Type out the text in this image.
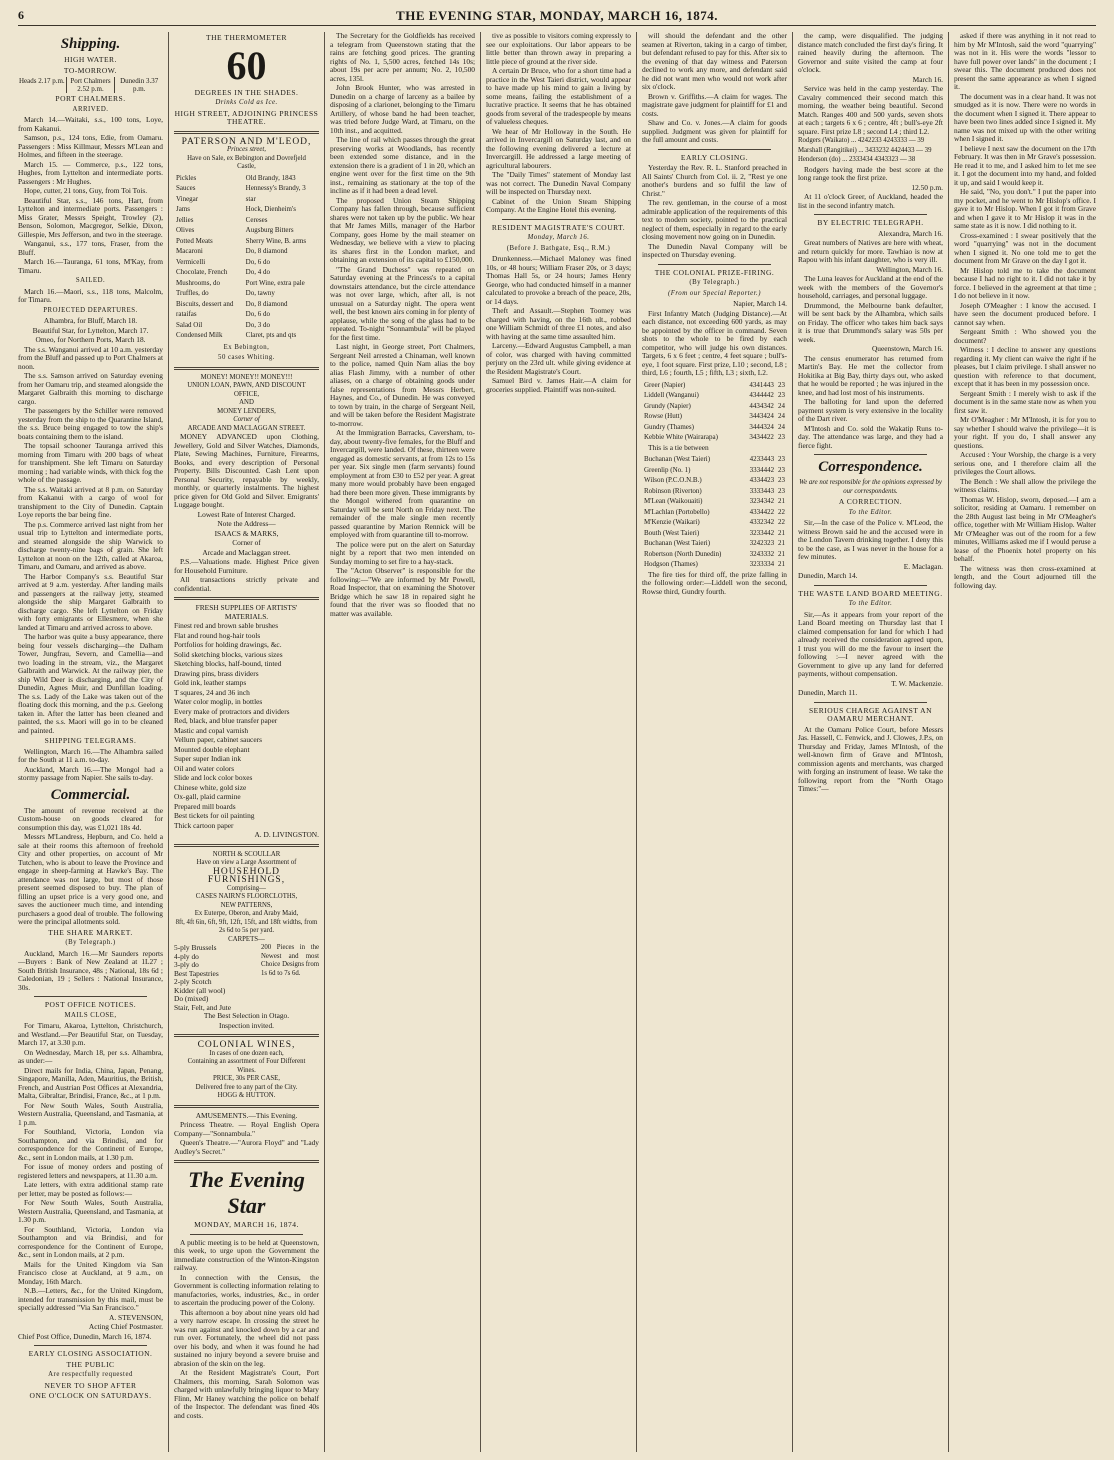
6	THE EVENING STAR, MONDAY, MARCH 16, 1874.
Shipping.
HIGH WATER.
TO-MORROW.
Heads 2.17 p.m. Port Chalmers 2.52 p.m.
Dunedin 3.37 p.m.
PORT CHALMERS.
ARRIVED.

March 14.—Waitaki, s.s., 100 tons, Loye, from Kakanui.

Samson, p.s., 124 tons, Edie, from Oamaru. Passengers : Miss Killmaur, Messrs M'Lean and Holmes, and fifteen in the steerage.

March 15. — Commerce, p.s., 122 tons, Hughes, from Lyttelton and intermediate ports. Passengers : Mr Hughes.

Hope, cutter, 21 tons, Guy, from Toi Tois.

Beautiful Star, s.s., 146 tons, Hart, from Lyttelton and intermediate ports. Passengers : Miss Grater, Messrs Speight, Trowley (2), Benson, Solomon, Macgregor, Selkie, Dixon, Gillespie, Mrs Jefferson, and two in the steerage.

Wanganui, s.s., 177 tons, Fraser, from the Bluff.

March 16.—Tauranga, 61 tons, M'Kay, from Timaru.

SAILED.

March 16.—Maori, s.s., 118 tons, Malcolm, for Timaru.

PROJECTED DEPARTURES.

Alhambra, for Bluff, March 18.

Beautiful Star, for Lyttelton, March 17.

Omeo, for Northern Ports, March 18.

The s.s. Wanganui arrived at 10 a.m. yesterday from the Bluff and passed up to Port Chalmers at noon.

The s.s. Samson arrived on Saturday evening from her Oamaru trip, and steamed alongside the Margaret Galbraith this morning to discharge cargo.

The passengers by the Schiller were removed yesterday from the ship to the Quarantine Island, the s.s. Bruce being engaged to tow the ship's boats containing them to the island.

The topsail schooner Tauranga arrived this morning from Timaru with 200 bags of wheat for transhipment. She left Timaru on Saturday morning ; had variable winds, with thick fog the whole of the passage.

The s.s. Waitaki arrived at 8 p.m. on Saturday from Kakanui with a cargo of wool for transhipment to the City of Dunedin. Captain Loye reports the bar being fine.

The p.s. Commerce arrived last night from her usual trip to Lyttelton and intermediate ports, and steamed alongside the ship Warwick to discharge twenty-nine bags of grain. She left Lyttelton at noon on the 12th, called at Akaroa, Timaru, and Oamaru, and arrived as above.

The Harbor Company's s.s. Beautiful Star arrived at 9 a.m. yesterday. After landing mails and passengers at the railway jetty, steamed alongside the ship Margaret Galbraith to discharge cargo. She left Lyttelton on Friday with forty emigrants or Ellesmere, when she landed at Timaru and arrived across to above.

The harbor was quite a busy appearance, there being four vessels discharging—the Dalham Tower, Jungfrau, Severn, and Camellia—and two loading in the stream, viz., the Margaret Galbraith and Warwick. At the railway pier, the ship Wild Deer is discharging, and the City of Dunedin, Agnes Muir, and Dunfillan loading. The s.s. Lady of the Lake was taken out of the floating dock this morning, and the p.s. Geelong taken in. After the latter has been cleaned and painted, the s.s. Maori will go in to be cleaned and painted.

SHIPPING TELEGRAMS.

Wellington, March 16.—The Alhambra sailed for the South at 11 a.m. to-day.

Auckland, March 16.—The Mongol had a stormy passage from Napier. She sails to-day.

Commercial.

The amount of revenue received at the Custom-house on goods cleared for consumption this day, was £1,021 18s 4d.

Messrs M'Landress, Hepburn, and Co. held a sale at their rooms this afternoon of freehold City and other properties, on account of Mr Tutchen, who is about to leave the Province and engage in sheep-farming at Hawke's Bay. The attendance was not large, but most of those present seemed disposed to buy. The plan of filling an upset price is a very good one, and saves the auctioneer much time, and intending purchasers a good deal of trouble. The following were the principal allotments sold.

THE SHARE MARKET.
(By Telegraph.)

Auckland, March 16.—Mr Saunders reports —Buyers : Bank of New Zealand at 1L27 ; South British Insurance, 48s ; National, 18s 6d ; Caledonian, 19 ; Sellers : National Insurance, 30s.

POST OFFICE NOTICES.
MAILS CLOSE,

For Timaru, Akaroa, Lyttelton, Christchurch, and Westland.—Per Beautiful Star, on Tuesday, March 17, at 3.30 p.m.

On Wednesday, March 18, per s.s. Alhambra, as under:—

Direct mails for India, China, Japan, Penang, Singapore, Manilla, Aden, Mauritius, the British, French, and Austrian Post Offices at Alexandria, Malta, Gibraltar, Brindisi, France, &c., at 1 p.m.

For New South Wales, South Australia, Western Australia, Queensland, and Tasmania, at 1 p.m.

For Southland, Victoria, London via Southampton, and via Brindisi, and for correspondence for the Continent of Europe, &c., sent in London mails, at 1.30 p.m.

For issue of money orders and posting of registered letters and newspapers, at 11.30 a.m.

Late letters, with extra additional stamp rate per letter, may be posted as follows:—

For New South Wales, South Australia, Western Australia, Queensland, and Tasmania, at 1.30 p.m.

For Southland, Victoria, London via Southampton and via Brindisi, and for correspondence for the Continent of Europe, &c., sent in London mails, at 2 p.m.

Mails for the United Kingdom via San Francisco close at Auckland, at 9 a.m., on Monday, 16th March.

N.B.—Letters, &c., for the United Kingdom, intended for transmission by this mail, must be specially addressed "Via San Francisco."

A. STEVENSON,

Acting Chief Postmaster.

Chief Post Office, Dunedin, March 16, 1874.

EARLY CLOSING ASSOCIATION.
THE PUBLIC
Are respectfully requested
NEVER TO SHOP AFTER
ONE O'CLOCK ON SATURDAYS.
THE THERMOMETER
60
DEGREES IN THE SHADES.
Drinks Cold as Ice.
HIGH STREET, ADJOINING PRINCESS THEATRE.
PATERSON AND M'LEOD,
Princes street,
Have on Sale, ex Bebington and Dovrefjeld
Castle,
Pickles	Old Brandy, 1843
Sauces	Hennessy's Brandy, 3
Vinegar	star
Jams	Hock, Dienheim's
Jellies	Cereses
Olives	Augsburg Bitters
Potted Meats	Sherry Wine, B. arms
Macaroni	Do, 8 diamond
Vermicelli	Do, 6 do
Chocolate, French	Do, 4 do
Mushrooms, do	Port Wine, extra pale
Truffles, do	Do, tawny
Biscuits, dessert and	Do, 8 diamond
rataifas	Do, 6 do
Salad Oil	Do, 3 do
Condensed Milk	Claret, pts and qts
Ex Bebington,
50 cases Whiting.
MONEY! MONEY!! MONEY!!!
UNION LOAN, PAWN, AND DISCOUNT OFFICE,
AND
MONEY LENDERS,
Corner of
ARCADE AND MACLAGGAN STREET.

MONEY ADVANCED upon Clothing, Jewellery, Gold and Silver Watches, Diamonds, Plate, Sewing Machines, Furniture, Firearms, Books, and every description of Personal Property. Bills Discounted. Cash Lent upon Personal Security, repayable by weekly, monthly, or quarterly instalments. The highest price given for Old Gold and Silver. Emigrants' Luggage bought.

Lowest Rate of Interest Charged.

Note the Address—

ISAACS & MARKS,

Corner of

Arcade and Maclaggan street.

P.S.—Valuations made. Highest Price given for Household Furniture.

All transactions strictly private and confidential.

FRESH SUPPLIES OF ARTISTS' MATERIALS.

Finest red and brown sable brushes

Flat and round hog-hair tools

Portfolios for holding drawings, &c.

Solid sketching blocks, various sizes

Sketching blocks, half-bound, tinted

Drawing pins, brass dividers

Gold ink, leather stamps

T squares, 24 and 36 inch

Water color moglip, in bottles

Every make of protractors and dividers

Red, black, and blue transfer paper

Mastic and copal varnish

Vellum paper, cabinet saucers

Mounted double elephant

Super super Indian ink

Oil and water colors

Slide and lock color boxes

Chinese white, gold size

Ox-gall, plaid carmine

Prepared mill boards

Best tickets for oil painting

Thick cartoon paper

A. D. LIVINGSTON.

NORTH & SCOULLAR
Have on view a Large Assortment of
HOUSEHOLD FURNISHINGS,
Comprising—
CASES NAIRN'S FLOORCLOTHS,
NEW PATTERNS,
Ex Euterpe, Oberon, and Araby Maid,
8ft, 4ft 6in, 6ft, 9ft, 12ft, 15ft, and 18ft widths, from 2s 6d to 5s per yard.
CARPETS—
5-ply Brussels
4-ply do
3-ply do
Best Tapestries
2-ply Scotch
Kidder (all wool)
Do (mixed)
Stair, Felt, and Jute
200 Pieces in the Newest and most Choice Designs from 1s 6d to 7s 6d.

The Best Selection in Otago.

Inspection invited.

COLONIAL WINES,
In cases of one dozen each,
Containing an assortment of Four Different
Wines.
PRICE, 30s PER CASE,
Delivered free to any part of the City.
HOGG & HUTTON.

AMUSEMENTS.—This Evening.

Princess Theatre. — Royal English Opera Company—"Sonnambula."

Queen's Theatre.—"Aurora Floyd" and "Lady Audley's Secret."

The Evening Star
MONDAY, MARCH 16, 1874.

A public meeting is to be held at Queenstown, this week, to urge upon the Government the immediate construction of the Winton-Kingston railway.

In connection with the Census, the Government is collecting information relating to manufactories, works, industries, &c., in order to ascertain the producing power of the Colony.

This afternoon a boy about nine years old had a very narrow escape. In crossing the street he was run against and knocked down by a car and run over. Fortunately, the wheel did not pass over his body, and when it was found he had sustained no injury beyond a severe bruise and abrasion of the skin on the leg.

At the Resident Magistrate's Court, Port Chalmers, this morning, Sarah Solomon was charged with unlawfully bringing liquor to Mary Flinn, Mr Haney watching the police on behalf of the Inspector. The defendant was fined 40s and costs.

The Secretary for the Goldfields has received a telegram from Queenstown stating that the rains are fetching good prices. The granting rights of No. 1, 5,500 acres, fetched 14s 10s; about 19s per acre per annum; No. 2, 10,500 acres, 135l.

John Brook Hunter, who was arrested in Dunedin on a charge of larceny as a bailee by disposing of a clarionet, belonging to the Timaru Artillery, of whose band he had been teacher, was tried before Judge Ward, at Timaru, on the 10th inst., and acquitted.

The line of rail which passes through the great preserving works at Woodlands, has recently been extended some distance, and in the extension there is a gradient of 1 in 20, which an engine went over for the first time on the 9th inst., remaining as stationary at the top of the incline as if it had been a dead level.

The proposed Union Steam Shipping Company has fallen through, because sufficient shares were not taken up by the public. We hear that Mr James Mills, manager of the Harbor Company, goes Home by the mail steamer on Wednesday, we believe with a view to placing its shares first in the London market, and obtaining an extension of its capital to £150,000.

"The Grand Duchess" was repeated on Saturday evening at the Princess's to a capital downstairs attendance, but the circle attendance was not over large, which, after all, is not unusual on a Saturday night. The opera went well, the best known airs coming in for plenty of applause, while the song of the glass had to be repeated. To-night "Sonnambula" will be played for the first time.

Last night, in George street, Port Chalmers, Sergeant Neil arrested a Chinaman, well known to the police, named Quin Nam alias the boy alias Flash Jimmy, with a number of other aliases, on a charge of obtaining goods under false representations from Messrs Herbert, Haynes, and Co., of Dunedin. He was conveyed to town by train, in the charge of Sergeant Neil, and will be taken before the Resident Magistrate to-morrow.

At the Immigration Barracks, Caversham, to-day, about twenty-five females, for the Bluff and Invercargill, were landed. Of these, thirteen were engaged as domestic servants, at from 12s to 15s per year. Six single men (farm servants) found employment at from £30 to £52 per year. A great many more would probably have been engaged had there been more given. These immigrants by the Mongol withered from quarantine on Saturday will be sent North on Friday next. The remainder of the male single men recently passed quarantine by Marion Rennick will be employed with from quarantine till to-morrow.

The police were put on the alert on Saturday night by a report that two men intended on Sunday morning to set fire to a hay-stack.

The "Acton Observer" is responsible for the following:—"We are informed by Mr Powell, Road Inspector, that on examining the Shotover Bridge which he saw 18 in repaired sight he found that the river was so flooded that no matter was available.

tive as possible to visitors coming expressly to see our exploitations. Our labor appears to be little better than thrown away in preparing a little piece of ground at the river side.

A certain Dr Bruce, who for a short time had a practice in the West Taieri district, would appear to have made up his mind to gain a living by some means, failing the establishment of a lucrative practice. It seems that he has obtained goods from several of the tradespeople by means of valueless cheques.

We hear of Mr Holloway in the South. He arrived in Invercargill on Saturday last, and on the following evening delivered a lecture at Invercargill. He addressed a large meeting of agricultural labourers.

The "Daily Times" statement of Monday last was not correct. The Dunedin Naval Company will be inspected on Thursday next.

Cabinet of the Union Steam Shipping Company. At the Engine Hotel this evening.

RESIDENT MAGISTRATE'S COURT.
Monday, March 16.
(Before J. Bathgate, Esq., R.M.)

Drunkenness.—Michael Maloney was fined 10s, or 48 hours; William Fraser 20s, or 3 days; Thomas Hall 5s, or 24 hours; James Henry George, who had conducted himself in a manner calculated to provoke a breach of the peace, 20s, or 14 days.

Theft and Assault.—Stephen Toomey was charged with having, on the 16th ult., robbed one William Schmidt of three £1 notes, and also with having at the same time assaulted him.

Larceny.—Edward Augustus Campbell, a man of color, was charged with having committed perjury on the 23rd ult. while giving evidence at the Resident Magistrate's Court.

Samuel Bird v. James Hair.—A claim for groceries supplied. Plaintiff was non-suited.

will should the defendant and the other seamen at Riverton, taking in a cargo of timber, but defendant refused to pay for this. After six to the evening of that day witness and Paterson declined to work any more, and defendant said he did not want men who would not work after six o'clock.

Brown v. Griffiths.—A claim for wages. The magistrate gave judgment for plaintiff for £1 and costs.

Shaw and Co. v. Jones.—A claim for goods supplied. Judgment was given for plaintiff for the full amount and costs.

EARLY CLOSING.

Yesterday the Rev. R. L. Stanford preached in All Saints' Church from Col. ii. 2, "Rest ye one another's burdens and so fulfil the law of Christ."

The rev. gentleman, in the course of a most admirable application of the requirements of this text to modern society, pointed to the practical neglect of them, especially in regard to the early closing movement now going on in Dunedin.

The Dunedin Naval Company will be inspected on Thursday evening.

THE COLONIAL PRIZE-FIRING.
(By Telegraph.)
(From our Special Reporter.)

Napier, March 14.

First Infantry Match (Judging Distance).—At each distance, not exceeding 600 yards, as may be appointed by the officer in command. Seven shots to the whole to be fired by each competitor, who will judge his own distances. Targets, 6 x 6 feet ; centre, 4 feet square ; bull's-eye, 1 foot square. First prize, L10 ; second, L8 ; third, L6 ; fourth, L5 ; fifth, L3 ; sixth, L2.

Greer (Napier)	4341443	23
Liddell (Wanganui)	4344442	23
Grundy (Napier)	4434342	24
Rowse (Hutt)	3443424	24
Gundry (Thames)	3444324	24
Kebbie White (Wairarapa)	3434422	23

This is a tie between

Buchanan (West Taieri)	4233443	23
Greenlip (No. 1)	3334442	23
Wilson (P.C.O.N.B.)	4334423	23
Robinson (Riverton)	3333443	23
M'Lean (Waikouaiti)	3234342	21
M'Lachlan (Portobello)	4334422	22
M'Kenzie (Waikari)	4332342	22
Bouth (West Taieri)	3233442	21
Buchanan (West Taieri)	3242323	21
Robertson (North Dunedin)	3243332	21
Hodgson (Thames)	3233334	21

The fire ties for third off, the prize falling in the following order:—Liddell won the second, Rowse third, Gundry fourth.

the camp, were disqualified. The judging distance match concluded the first day's firing. It rained heavily during the afternoon. The Governor and suite visited the camp at four o'clock.

March 16.

Service was held in the camp yesterday. The Cavalry commenced their second match this morning, the weather being beautiful. Second Match. Ranges 400 and 500 yards, seven shots at each ; targets 6 x 6 ; centre, 4ft ; bull's-eye 2ft square. First prize L8 ; second L4 ; third L2.

Rodgers (Waikato) ... 4242233 4243333 — 39

Marshall (Rangitikei) ... 3433232 4424433 — 39

Henderson (do) ... 2333434 4343323 — 38

Rodgers having made the best score at the long range took the first prize.

12.50 p.m.

At 11 o'clock Greer, of Auckland, headed the list in the second infantry match.

BY ELECTRIC TELEGRAPH.

Alexandra, March 16.

Great numbers of Natives are here with wheat, and return quickly for more. Tawhiao is now at Rapou with his infant daughter, who is very ill.

Wellington, March 16.

The Luna leaves for Auckland at the end of the week with the members of the Governor's household, carriages, and personal luggage.

Drummond, the Melbourne bank defaulter, will be sent back by the Alhambra, which sails on Friday. The officer who takes him back says it is true that Drummond's salary was 50s per week.

Queenstown, March 16.

The census enumerator has returned from Martin's Bay. He met the collector from Hokitika at Big Bay, thirty days out, who asked that he would be reported ; he was injured in the knee, and had lost most of his instruments.

The balloting for land upon the deferred payment system is very extensive in the locality of the Dart river.

M'Intosh and Co. sold the Wakatip Runs to-day. The attendance was large, and they had a fierce fight.

Correspondence.

We are not responsible for the opinions expressed by our correspondents.

A CORRECTION.
To the Editor.

Sir,—In the case of the Police v. M'Leod, the witness Brown said he and the accused were in the London Tavern drinking together. I deny this to be the case, as I was never in the house for a few minutes.

E. Maclagan.

Dunedin, March 14.

THE WASTE LAND BOARD MEETING.
To the Editor.

Sir,—As it appears from your report of the Land Board meeting on Thursday last that I claimed compensation for land for which I had already received the consideration agreed upon, I trust you will do me the favour to insert the following :—I never agreed with the Government to give up any land for deferred payments, without compensation.

T. W. Mackenzie.

Dunedin, March 11.

SERIOUS CHARGE AGAINST AN OAMARU MERCHANT.

At the Oamaru Police Court, before Messrs Jas. Hassell, C. Fenwick, and J. Clowes, J.P.s, on Thursday and Friday, James M'Intosh, of the well-known firm of Grave and M'Intosh, commission agents and merchants, was charged with forging an instrument of lease. We take the following report from the "North Otago Times:"—

asked if there was anything in it not read to him by Mr M'Intosh, said the word "quarrying" was not in it. His were the words "lessor to have full power over lands" in the document ; I swear this. The document produced does not present the same appearance as when I signed it.

The document was in a clear hand. It was not smudged as it is now. There were no words in the document when I signed it. There appear to have been two lines added since I signed it. My name was not mixed up with the other writing when I signed it.

I believe I next saw the document on the 17th February. It was then in Mr Grave's possession. He read it to me, and I asked him to let me see it. I got the document into my hand, and folded it up, and said I would keep it.

He said, "No, you don't." I put the paper into my pocket, and he went to Mr Hislop's office. I gave it to Mr Hislop. When I got it from Grave and when I gave it to Mr Hislop it was in the same state as it is now. I did nothing to it.

Cross-examined : I swear positively that the word "quarrying" was not in the document when I signed it. No one told me to get the document from Mr Grave on the day I got it.

Mr Hislop told me to take the document because I had no right to it. I did not take it by force. I believed in the agreement at that time ; I do not believe in it now.

Joseph O'Meagher : I know the accused. I have seen the document produced before. I cannot say when.

Sergeant Smith : Who showed you the document?

Witness : I decline to answer any questions regarding it. My client can waive the right if he pleases, but I claim privilege. I shall answer no question with reference to that document, except that it has been in my possession once.

Sergeant Smith : I merely wish to ask if the document is in the same state now as when you first saw it.

Mr O'Meagher : Mr M'Intosh, it is for you to say whether I should waive the privilege—it is your right. If you do, I shall answer any questions.

Accused : Your Worship, the charge is a very serious one, and I therefore claim all the privileges the Court allows.

The Bench : We shall allow the privilege the witness claims.

Thomas W. Hislop, sworn, deposed.—I am a solicitor, residing at Oamaru. I remember on the 28th August last being in Mr O'Meagher's office, together with Mr William Hislop. Walter Mr O'Meagher was out of the room for a few minutes, Williams asked me if I would peruse a lease of the Phoenix hotel property on his behalf.

The witness was then cross-examined at length, and the Court adjourned till the following day.
